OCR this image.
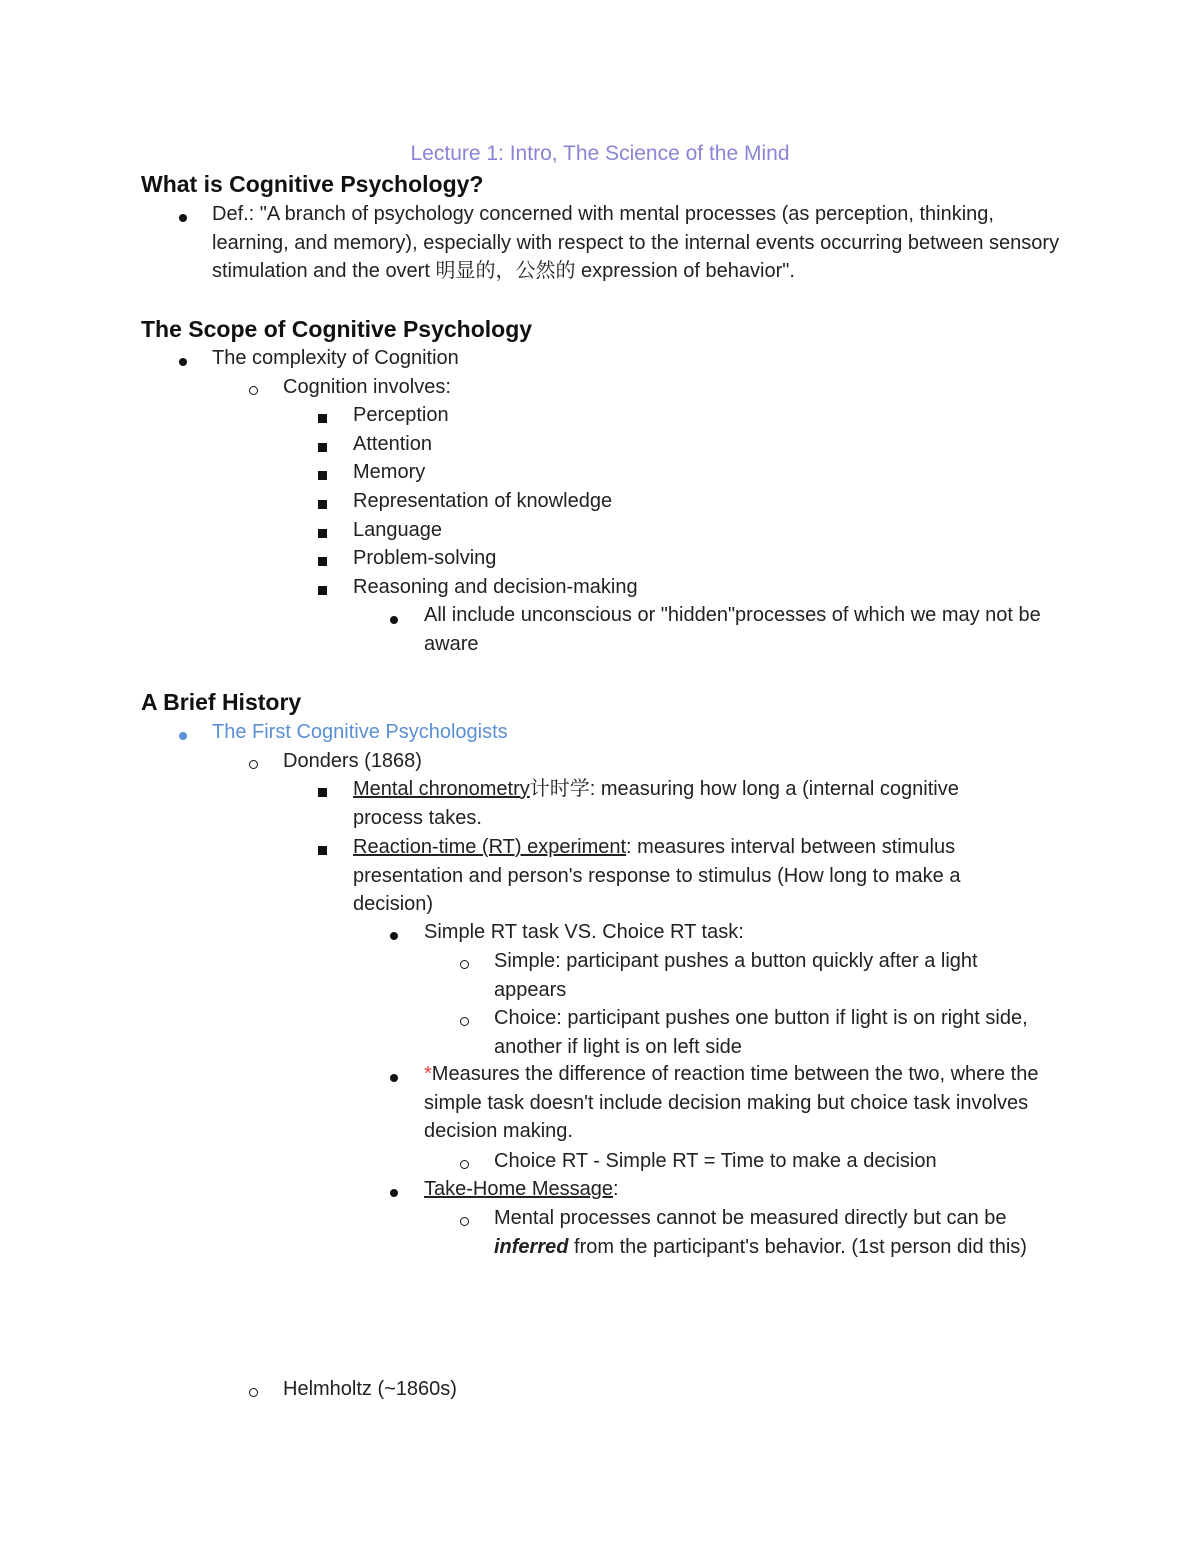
Lecture 1: Intro, The Science of the Mind
What is Cognitive Psychology?
Def.: "A branch of psychology concerned with mental processes (as perception, thinking, learning, and memory), especially with respect to the internal events occurring between sensory stimulation and the overt 明显的，公然的 expression of behavior".
The Scope of Cognitive Psychology
The complexity of Cognition
Cognition involves:
Perception
Attention
Memory
Representation of knowledge
Language
Problem-solving
Reasoning and decision-making
All include unconscious or "hidden"processes of which we may not be aware
A Brief History
The First Cognitive Psychologists
Donders (1868)
Mental chronometry计时学: measuring how long a (internal cognitive process takes.
Reaction-time (RT) experiment: measures interval between stimulus presentation and person's response to stimulus (How long to make a decision)
Simple RT task VS. Choice RT task:
Simple: participant pushes a button quickly after a light appears
Choice: participant pushes one button if light is on right side, another if light is on left side
*Measures the difference of reaction time between the two, where the simple task doesn't include decision making but choice task involves decision making.
Choice RT - Simple RT = Time to make a decision
Take-Home Message:
Mental processes cannot be measured directly but can be inferred from the participant's behavior. (1st person did this)
Helmholtz (~1860s)
